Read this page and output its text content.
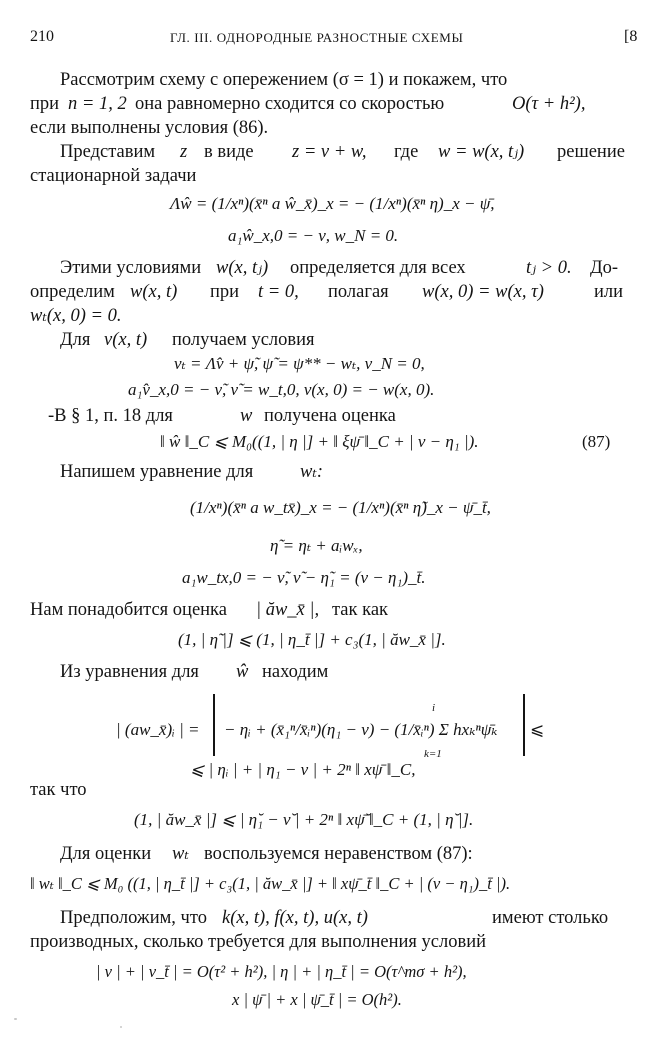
210	ГЛ. III. ОДНОРОДНЫЕ РАЗНОСТНЫЕ СХЕМЫ	[8
Рассмотрим схему с опережением (σ = 1) и покажем, что
при n = 1, 2 она равномерно сходится со скоростью	O(τ + h²),
если выполнены условия (86).
Представим z в виде z = v + w, где w = w(x, tⱼ) решение
стационарной задачи
Λŵ = (1/xⁿ)(x̄ⁿ a ŵ_x̄)_x = − (1/xⁿ)(x̄ⁿ η)_x − ψ̄,
a₁ŵ_x,0 = − ν, w_N = 0.
Этими условиями w(x, tⱼ) определяется для всех	tⱼ > 0. До-
определим w(x, t) при t = 0, полагая w(x, 0) = w(x, τ)	или
wₜ(x, 0) = 0.
Для v(x, t) получаем условия
vₜ = Λv̂ + ψ̃, ψ̃ = ψ** − wₜ, v_N = 0,
a₁v̂_x,0 = − ν̃, ν̃ = w_t,0, v(x, 0) = − w(x, 0).
-В § 1, п. 18 для	w получена оценка
‖ ŵ ‖_C ⩽ M₀((1, | η |] + ‖ ξψ̄ ‖_C + | ν − η₁ |).	(87)
Напишем уравнение для	wₜ:
(1/xⁿ)(x̄ⁿ a w_tx̄)_x = − (1/xⁿ)(x̄ⁿ η̃)_x − ψ̄_t̄,
η̃ = ηₜ + aᵢwₓ,
a₁w_tx,0 = − ν̃, ν̃ − η̃₁ = (ν − η₁)_t̄.
Нам понадобится оценка | ăw_x̄ |, так как
(1, | η̃ |] ⩽ (1, | η_t̄ |] + c₃(1, | ăw_x̄ |].
Из уравнения для ŵ находим
| (aw_x̄)ᵢ | = − ηᵢ + (x̄₁ⁿ/x̄ᵢⁿ)(η₁ − ν) − (1/x̄ᵢⁿ) Σ hxₖⁿψ̄ₖ
i
k=1
⩽
⩽ | ηᵢ | + | η₁ − ν | + 2ⁿ ‖ xψ̄ ‖_C,
так что
(1, | ăw_x̄ |] ⩽ | η̆₁ − ν̆ | + 2ⁿ ‖ xψ̆̄ ‖_C + (1, | η̆ |].
Для оценки wₜ воспользуемся неравенством (87):
‖ wₜ ‖_C ⩽ M₀ ((1, | η_t̄ |] + c₃(1, | ăw_x̄ |] + ‖ xψ̄_t̄ ‖_C + | (ν − η₁)_t̄ |).
Предположим, что k(x, t), f(x, t), u(x, t)	имеют столько
производных, сколько требуется для выполнения условий
| ν | + | ν_t̄ | = O(τ² + h²), | η | + | η_t̄ | = O(τ^mσ + h²),
x | ψ̄ | + x | ψ̄_t̄ | = O(h²).
